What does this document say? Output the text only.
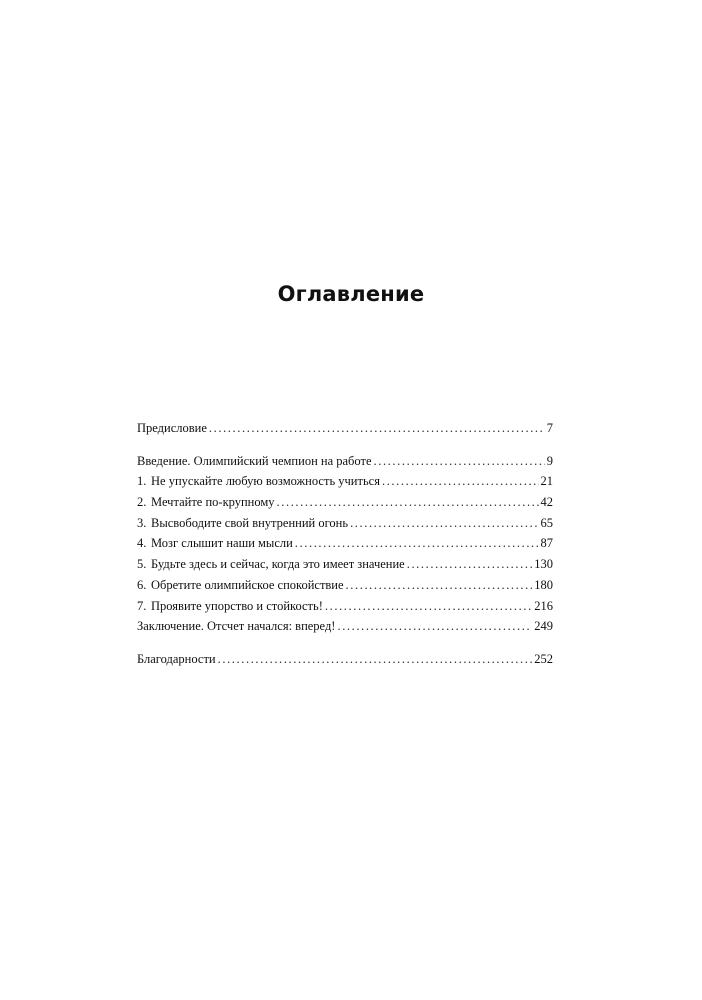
Оглавление
Предисловие .....	7
Введение. Олимпийский чемпион на работе .....	9
1. Не упускайте любую возможность учиться .....	21
2. Мечтайте по-крупному .....	42
3. Высвободите свой внутренний огонь .....	65
4. Мозг слышит наши мысли .....	87
5. Будьте здесь и сейчас, когда это имеет значение .....	130
6. Обретите олимпийское спокойствие .....	180
7. Проявите упорство и стойкость! .....	216
Заключение. Отсчет начался: вперед! .....	249
Благодарности .....	252
